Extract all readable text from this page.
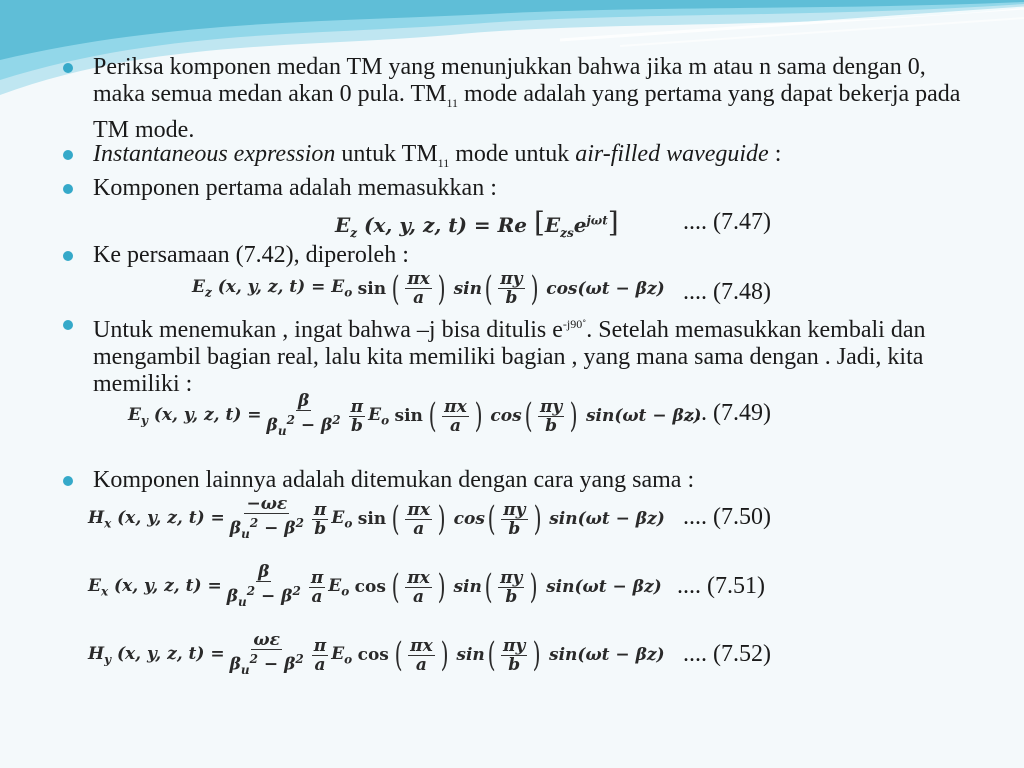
Periksa komponen medan TM yang menunjukkan bahwa jika m atau n sama dengan 0, maka semua medan akan 0 pula. $TM_{11}$ mode adalah yang pertama yang dapat bekerja pada TM mode.

Instantaneous expression untuk $TM_{11}$ mode untuk air-filled waveguide :

Komponen pertama adalah memasukkan :

Ke persamaan (7.42), diperoleh :

Untuk menemukan , ingat bahwa –j bisa ditulis $e^{-j90˚}$. Setelah memasukkan kembali dan mengambil bagian real, lalu kita memiliki bagian , yang mana sama dengan . Jadi, kita memiliki :

Komponen lainnya adalah ditemukan dengan cara yang sama :

$E_z$ (x, y, z, t) = Re $[E_{zs}e^{j\omega t}]$	.... (7.47)
$E_z$ (x, y, z, $t) = E_o$
sin ( $\frac{\pi x}{a}$ )
sin ( $\frac{\pi y}{b}$ )
cos(ωt − βz) .... (7.48)
$E_y$ (x, y, z, $t) = \frac{\beta}{\beta_u^2 - \beta^2} \frac{\pi}{b} E_o$
sin ( $\frac{\pi x}{a}$ )
cos ( $\frac{\pi y}{b}$ )
sin(ωt − βz)
.... (7.49)
$H_x$ (x, y, z, $t) = \frac{-\omega\varepsilon}{\beta_u^2 - \beta^2} \frac{\pi}{b} E_o$
sin ( $\frac{\pi x}{a}$ )
cos ( $\frac{\pi y}{b}$ )
sin(ωt − βz) .... (7.50)
$E_x$ (x, y, z, $t) = \frac{\beta}{\beta_u^2 - \beta^2} \frac{\pi}{a} E_o$
cos ( $\frac{\pi x}{a}$ )
sin ( $\frac{\pi y}{b}$ )
sin(ωt − βz) .... (7.51)
$H_y$ (x, y, z, $t) = \frac{\omega\varepsilon}{\beta_u^2 - \beta^2} \frac{\pi}{a} E_o$
cos ( $\frac{\pi x}{a}$ )
sin ( $\frac{\pi y}{b}$ )
sin(ωt − βz) .... (7.52)
